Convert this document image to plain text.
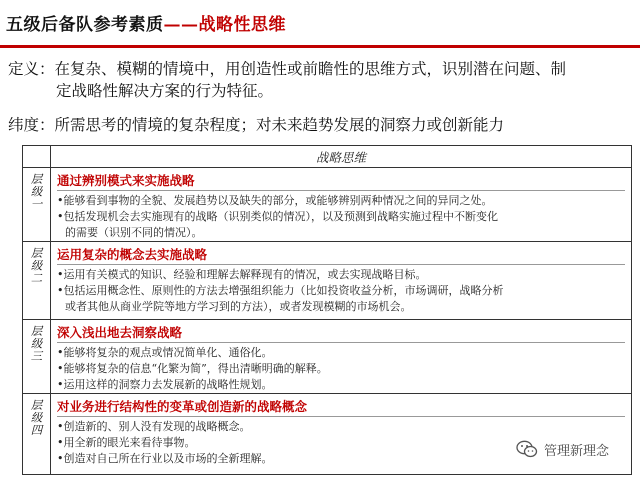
五级后备队参考素质——战略性思维
定义：在复杂、模糊的情境中，用创造性或前瞻性的思维方式，识别潜在问题、制
定战略性解决方案的行为特征。
纬度：所需思考的情境的复杂程度；对未来趋势发展的洞察力或创新能力
战略思维
层级一 通过辨别模式来实施战略
•能够看到事物的全貌、发展趋势以及缺失的部分，或能够辨别两种情况之间的异同之处。
•包括发现机会去实施现有的战略（识别类似的情况），以及预测到战略实施过程中不断变化
的需要（识别不同的情况）。
层级二 运用复杂的概念去实施战略
•运用有关模式的知识、经验和理解去解释现有的情况，或去实现战略目标。
•包括运用概念性、原则性的方法去增强组织能力（比如投资收益分析，市场调研，战略分析
或者其他从商业学院等地方学习到的方法），或者发现模糊的市场机会。
层级三 深入浅出地去洞察战略
•能够将复杂的观点或情况简单化、通俗化。
•能够将复杂的信息“化繁为简”，得出清晰明确的解释。
•运用这样的洞察力去发展新的战略性规划。
层级四 对业务进行结构性的变革或创造新的战略概念
•创造新的、别人没有发现的战略概念。
•用全新的眼光来看待事物。
•创造对自己所在行业以及市场的全新理解。	管理新理念
